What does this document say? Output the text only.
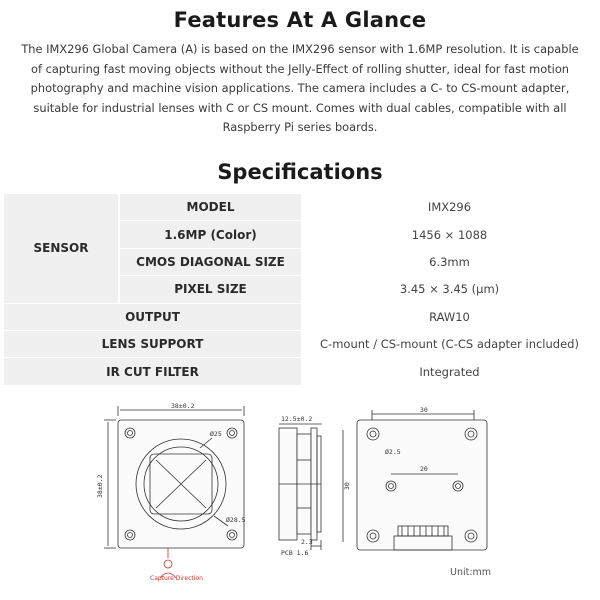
Features At A Glance
The IMX296 Global Camera (A) is based on the IMX296 sensor with 1.6MP resolution. It is capable
of capturing fast moving objects without the Jelly-Effect of rolling shutter, ideal for fast motion
photography and machine vision applications. The camera includes a C- to CS-mount adapter,
suitable for industrial lenses with C or CS mount. Comes with dual cables, compatible with all
Raspberry Pi series boards.
Specifications
SENSOR	MODEL	IMX296
	1.6MP (Color)	1456 × 1088
	CMOS DIAGONAL SIZE	6.3mm
	PIXEL SIZE	3.45 × 3.45 (μm)
OUTPUT		RAW10
LENS SUPPORT		C-mount / CS-mount (C-CS adapter included)
IR CUT FILTER		Integrated
38±0.2
38±0.2
Ø25
Ø28.5
12.5±0.2
2.3
PCB 1.6
30
20
30
Ø2.5
Capture Direction
Unit:mm
